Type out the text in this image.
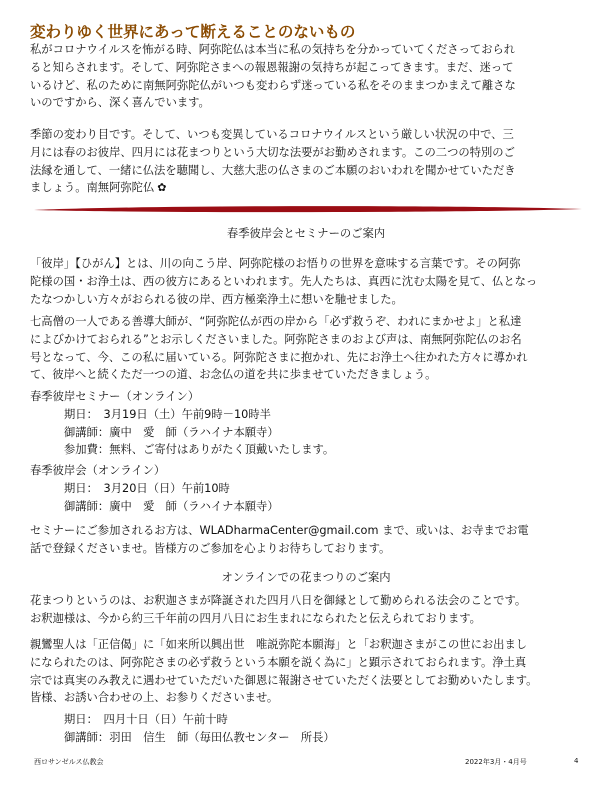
変わりゆく世界にあって断えることのないもの
私がコロナウイルスを怖がる時、阿弥陀仏は本当に私の気持ちを分かっていてくださっておられ
ると知らされます。そして、阿弥陀さまへの報恩報謝の気持ちが起こってきます。まだ、迷って
いるけど、私のために南無阿弥陀仏がいつも変わらず迷っている私をそのままつかまえて離さな
いのですから、深く喜んでいます。
季節の変わり目です。そして、いつも変異しているコロナウイルスという厳しい状況の中で、三
月には春のお彼岸、四月には花まつりという大切な法要がお勤めされます。この二つの特別のご
法縁を通して、一緒に仏法を聴聞し、大慈大悲の仏さまのご本願のおいわれを聞かせていただき
ましょう。南無阿弥陀仏 ✿
春季彼岸会とセミナーのご案内
「彼岸」【ひがん】とは、川の向こう岸、阿弥陀様のお悟りの世界を意味する言葉です。その阿弥
陀様の国・お浄土は、西の彼方にあるといわれます。先人たちは、真西に沈む太陽を見て、仏となっ
たなつかしい方々がおられる彼の岸、西方極楽浄土に想いを馳せました。
七高僧の一人である善導大師が、“阿弥陀仏が西の岸から「必ず救うぞ、われにまかせよ」と私達
によびかけておられる”とお示しくださいました。阿弥陀さまのおよび声は、南無阿弥陀仏のお名
号となって、今、この私に届いている。阿弥陀さまに抱かれ、先にお浄土へ往かれた方々に導かれ
て、彼岸へと続くただ一つの道、お念仏の道を共に歩ませていただきましょう。
春季彼岸セミナー（オンライン）
期日：　3月19日（土）午前9時－10時半
御講師：廣中　愛　師（ラハイナ本願寺）
参加費：無料、ご寄付はありがたく頂戴いたします。
春季彼岸会（オンライン）
期日：　3月20日（日）午前10時
御講師：廣中　愛　師（ラハイナ本願寺）
セミナーにご参加されるお方は、WLADharmaCenter@gmail.com まで、或いは、お寺までお電
話で登録くださいませ。皆様方のご参加を心よりお待ちしております。
オンラインでの花まつりのご案内
花まつりというのは、お釈迦さまが降誕された四月八日を御縁として勤められる法会のことです。
お釈迦様は、今から約三千年前の四月八日にお生まれになられたと伝えられております。
親鸞聖人は「正信偈」に「如来所以興出世　唯説弥陀本願海」と「お釈迦さまがこの世にお出まし
になられたのは、阿弥陀さまの必ず救うという本願を説く為に」と顕示されておられます。浄土真
宗では真実のみ教えに遇わせていただいた御恩に報謝させていただく法要としてお勤めいたします。
皆様、お誘い合わせの上、お参りくださいませ。
期日：　四月十日（日）午前十時
御講師：羽田　信生　師（毎田仏教センター　所長）
西ロサンゼルス仏教会	2022年3月・4月号	4
